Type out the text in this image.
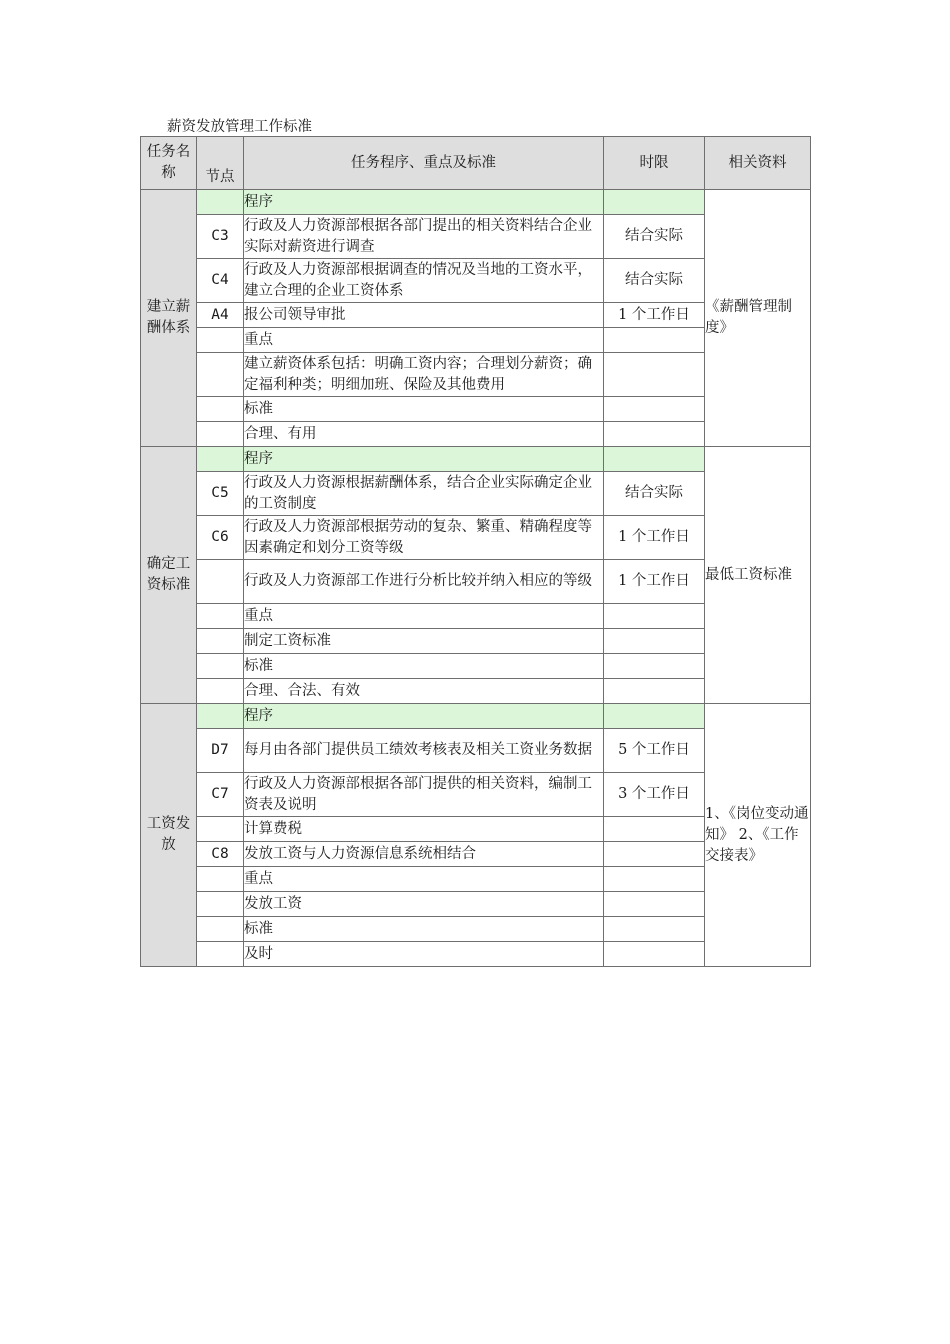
薪资发放管理工作标准
任务名称	节点	任务程序、重点及标准	时限	相关资料
建立薪酬体系		程序		《薪酬管理制度》
	C3	行政及人力资源部根据各部门提出的相关资料结合企业实际对薪资进行调查	结合实际	
	C4	行政及人力资源部根据调查的情况及当地的工资水平，建立合理的企业工资体系	结合实际	
	A4	报公司领导审批	1 个工作日	
		重点		
		建立薪资体系包括：明确工资内容；合理划分薪资；确定福利种类；明细加班、保险及其他费用		
		标准		
		合理、有用		
确定工资标准		程序		最低工资标准
	C5	行政及人力资源根据薪酬体系，结合企业实际确定企业的工资制度	结合实际	
	C6	行政及人力资源部根据劳动的复杂、繁重、精确程度等因素确定和划分工资等级	1 个工作日	
		行政及人力资源部工作进行分析比较并纳入相应的等级	1 个工作日	
		重点		
		制定工资标准		
		标准		
		合理、合法、有效		
工资发放		程序		1、《岗位变动通知》 2、《工作交接表》
	D7	每月由各部门提供员工绩效考核表及相关工资业务数据	5 个工作日	
	C7	行政及人力资源部根据各部门提供的相关资料，编制工资表及说明	3 个工作日	
		计算费税		
	C8	发放工资与人力资源信息系统相结合		
		重点		
		发放工资		
		标准		
		及时		
